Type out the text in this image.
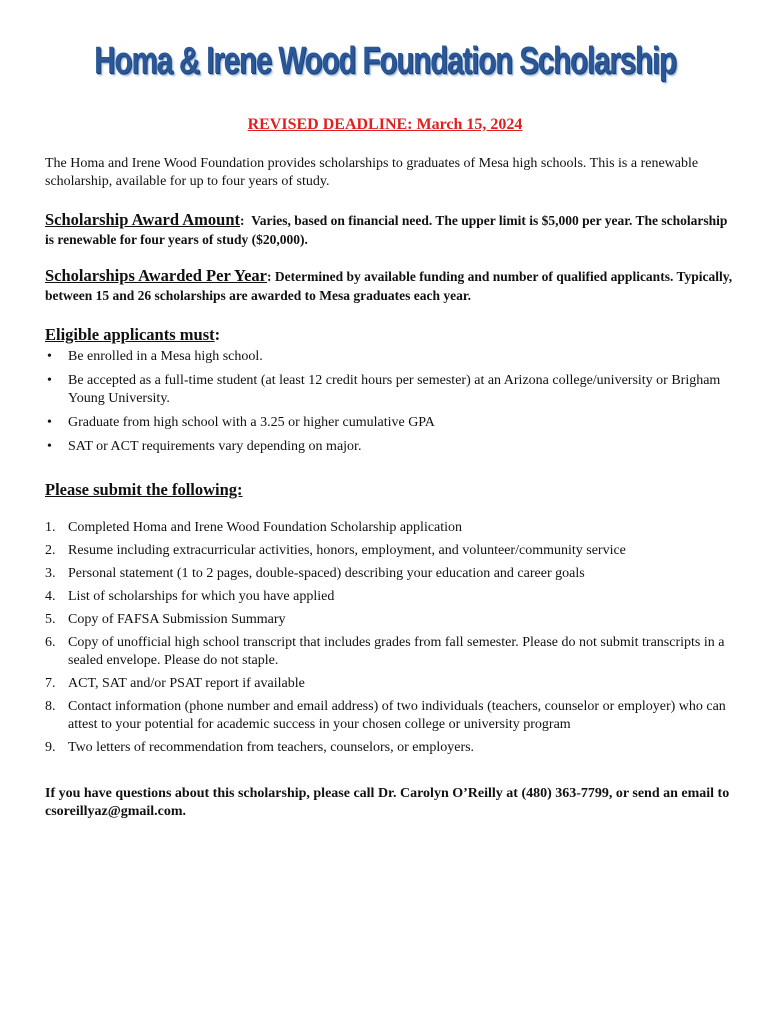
Homa & Irene Wood Foundation Scholarship
REVISED DEADLINE: March 15, 2024
The Homa and Irene Wood Foundation provides scholarships to graduates of Mesa high schools. This is a renewable scholarship, available for up to four years of study.
Scholarship Award Amount:  Varies, based on financial need. The upper limit is $5,000 per year. The scholarship is renewable for four years of study ($20,000).
Scholarships Awarded Per Year: Determined by available funding and number of qualified applicants. Typically, between 15 and 26 scholarships are awarded to Mesa graduates each year.
Eligible applicants must:
• Be enrolled in a Mesa high school.
• Be accepted as a full-time student (at least 12 credit hours per semester) at an Arizona college/university or Brigham Young University.
• Graduate from high school with a 3.25 or higher cumulative GPA
• SAT or ACT requirements vary depending on major.
Please submit the following:
1. Completed Homa and Irene Wood Foundation Scholarship application
2. Resume including extracurricular activities, honors, employment, and volunteer/community service
3. Personal statement (1 to 2 pages, double-spaced) describing your education and career goals
4. List of scholarships for which you have applied
5. Copy of FAFSA Submission Summary
6. Copy of unofficial high school transcript that includes grades from fall semester. Please do not submit transcripts in a sealed envelope. Please do not staple.
7. ACT, SAT and/or PSAT report if available
8. Contact information (phone number and email address) of two individuals (teachers, counselor or employer) who can attest to your potential for academic success in your chosen college or university program
9. Two letters of recommendation from teachers, counselors, or employers.
If you have questions about this scholarship, please call Dr. Carolyn O’Reilly at (480) 363-7799, or send an email to csoreillyaz@gmail.com.
